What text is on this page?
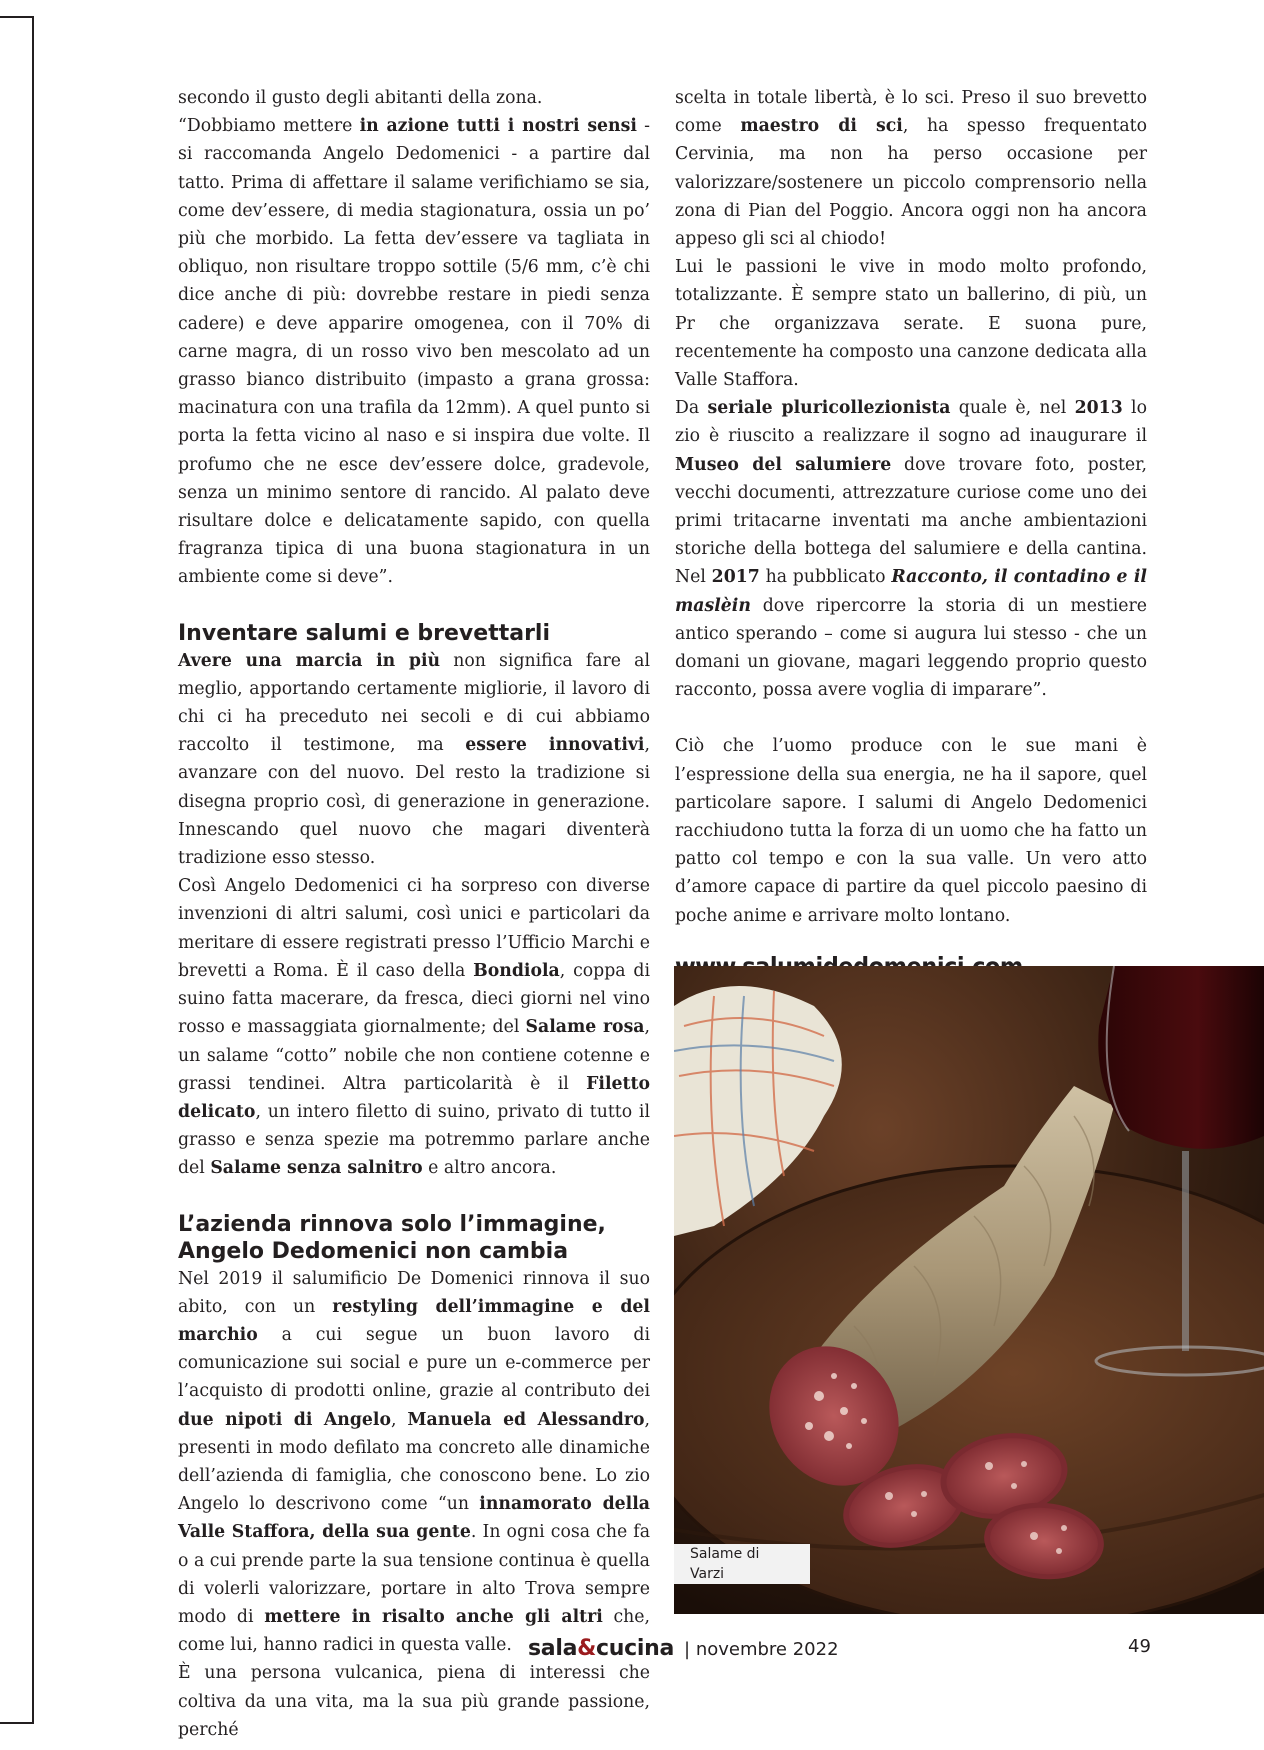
secondo il gusto degli abitanti della zona.

“Dobbiamo mettere in azione tutti i nostri sensi - si raccomanda Angelo Dedomenici - a partire dal tatto. Prima di affettare il salame verifichiamo se sia, come dev’essere, di media stagionatura, ossia un po’ più che morbido. La fetta dev’essere va tagliata in obliquo, non risultare troppo sottile (5/6 mm, c’è chi dice anche di più: dovrebbe restare in piedi senza cadere) e deve apparire omogenea, con il 70% di carne magra, di un rosso vivo ben mescolato ad un grasso bianco distribuito (impasto a grana grossa: macinatura con una trafila da 12mm). A quel punto si porta la fetta vicino al naso e si inspira due volte. Il profumo che ne esce dev’essere dolce, gradevole, senza un minimo sentore di rancido. Al palato deve risultare dolce e delicatamente sapido, con quella fragranza tipica di una buona stagionatura in un ambiente come si deve”.

Inventare salumi e brevettarli

Avere una marcia in più non significa fare al meglio, apportando certamente migliorie, il lavoro di chi ci ha preceduto nei secoli e di cui abbiamo raccolto il testimone, ma essere innovativi, avanzare con del nuovo. Del resto la tradizione si disegna proprio così, di generazione in generazione. Innescando quel nuovo che magari diventerà tradizione esso stesso.

Così Angelo Dedomenici ci ha sorpreso con diverse invenzioni di altri salumi, così unici e particolari da meritare di essere registrati presso l’Ufficio Marchi e brevetti a Roma. È il caso della Bondiola, coppa di suino fatta macerare, da fresca, dieci giorni nel vino rosso e massaggiata giornalmente; del Salame rosa, un salame “cotto” nobile che non contiene cotenne e grassi tendinei. Altra particolarità è il Filetto delicato, un intero filetto di suino, privato di tutto il grasso e senza spezie ma potremmo parlare anche del Salame senza salnitro e altro ancora.

L’azienda rinnova solo l’immagine,
Angelo Dedomenici non cambia

Nel 2019 il salumificio De Domenici rinnova il suo abito, con un restyling dell’immagine e del marchio a cui segue un buon lavoro di comunicazione sui social e pure un e-commerce per l’acquisto di prodotti online, grazie al contributo dei due nipoti di Angelo, Manuela ed Alessandro, presenti in modo defilato ma concreto alle dinamiche dell’azienda di famiglia, che conoscono bene. Lo zio Angelo lo descrivono come “un innamorato della Valle Staffora, della sua gente. In ogni cosa che fa o a cui prende parte la sua tensione continua è quella di volerli valorizzare, portare in alto Trova sempre modo di mettere in risalto anche gli altri che, come lui, hanno radici in questa valle.

È una persona vulcanica, piena di interessi che coltiva da una vita, ma la sua più grande passione, perché

scelta in totale libertà, è lo sci. Preso il suo brevetto come maestro di sci, ha spesso frequentato Cervinia, ma non ha perso occasione per valorizzare/sostenere un piccolo comprensorio nella zona di Pian del Poggio. Ancora oggi non ha ancora appeso gli sci al chiodo!

Lui le passioni le vive in modo molto profondo, totalizzante. È sempre stato un ballerino, di più, un Pr che organizzava serate. E suona pure, recentemente ha composto una canzone dedicata alla Valle Staffora.

Da seriale pluricollezionista quale è, nel 2013 lo zio è riuscito a realizzare il sogno ad inaugurare il Museo del salumiere dove trovare foto, poster, vecchi documenti, attrezzature curiose come uno dei primi tritacarne inventati ma anche ambientazioni storiche della bottega del salumiere e della cantina. Nel 2017 ha pubblicato Racconto, il contadino e il maslèin dove ripercorre la storia di un mestiere antico sperando – come si augura lui stesso - che un domani un giovane, magari leggendo proprio questo racconto, possa avere voglia di imparare”.

Ciò che l’uomo produce con le sue mani è l’espressione della sua energia, ne ha il sapore, quel particolare sapore. I salumi di Angelo Dedomenici racchiudono tutta la forza di un uomo che ha fatto un patto col tempo e con la sua valle. Un vero atto d’amore capace di partire da quel piccolo paesino di poche anime e arrivare molto lontano.

Salame di Varzi
sala&cucina | novembre 2022	49
